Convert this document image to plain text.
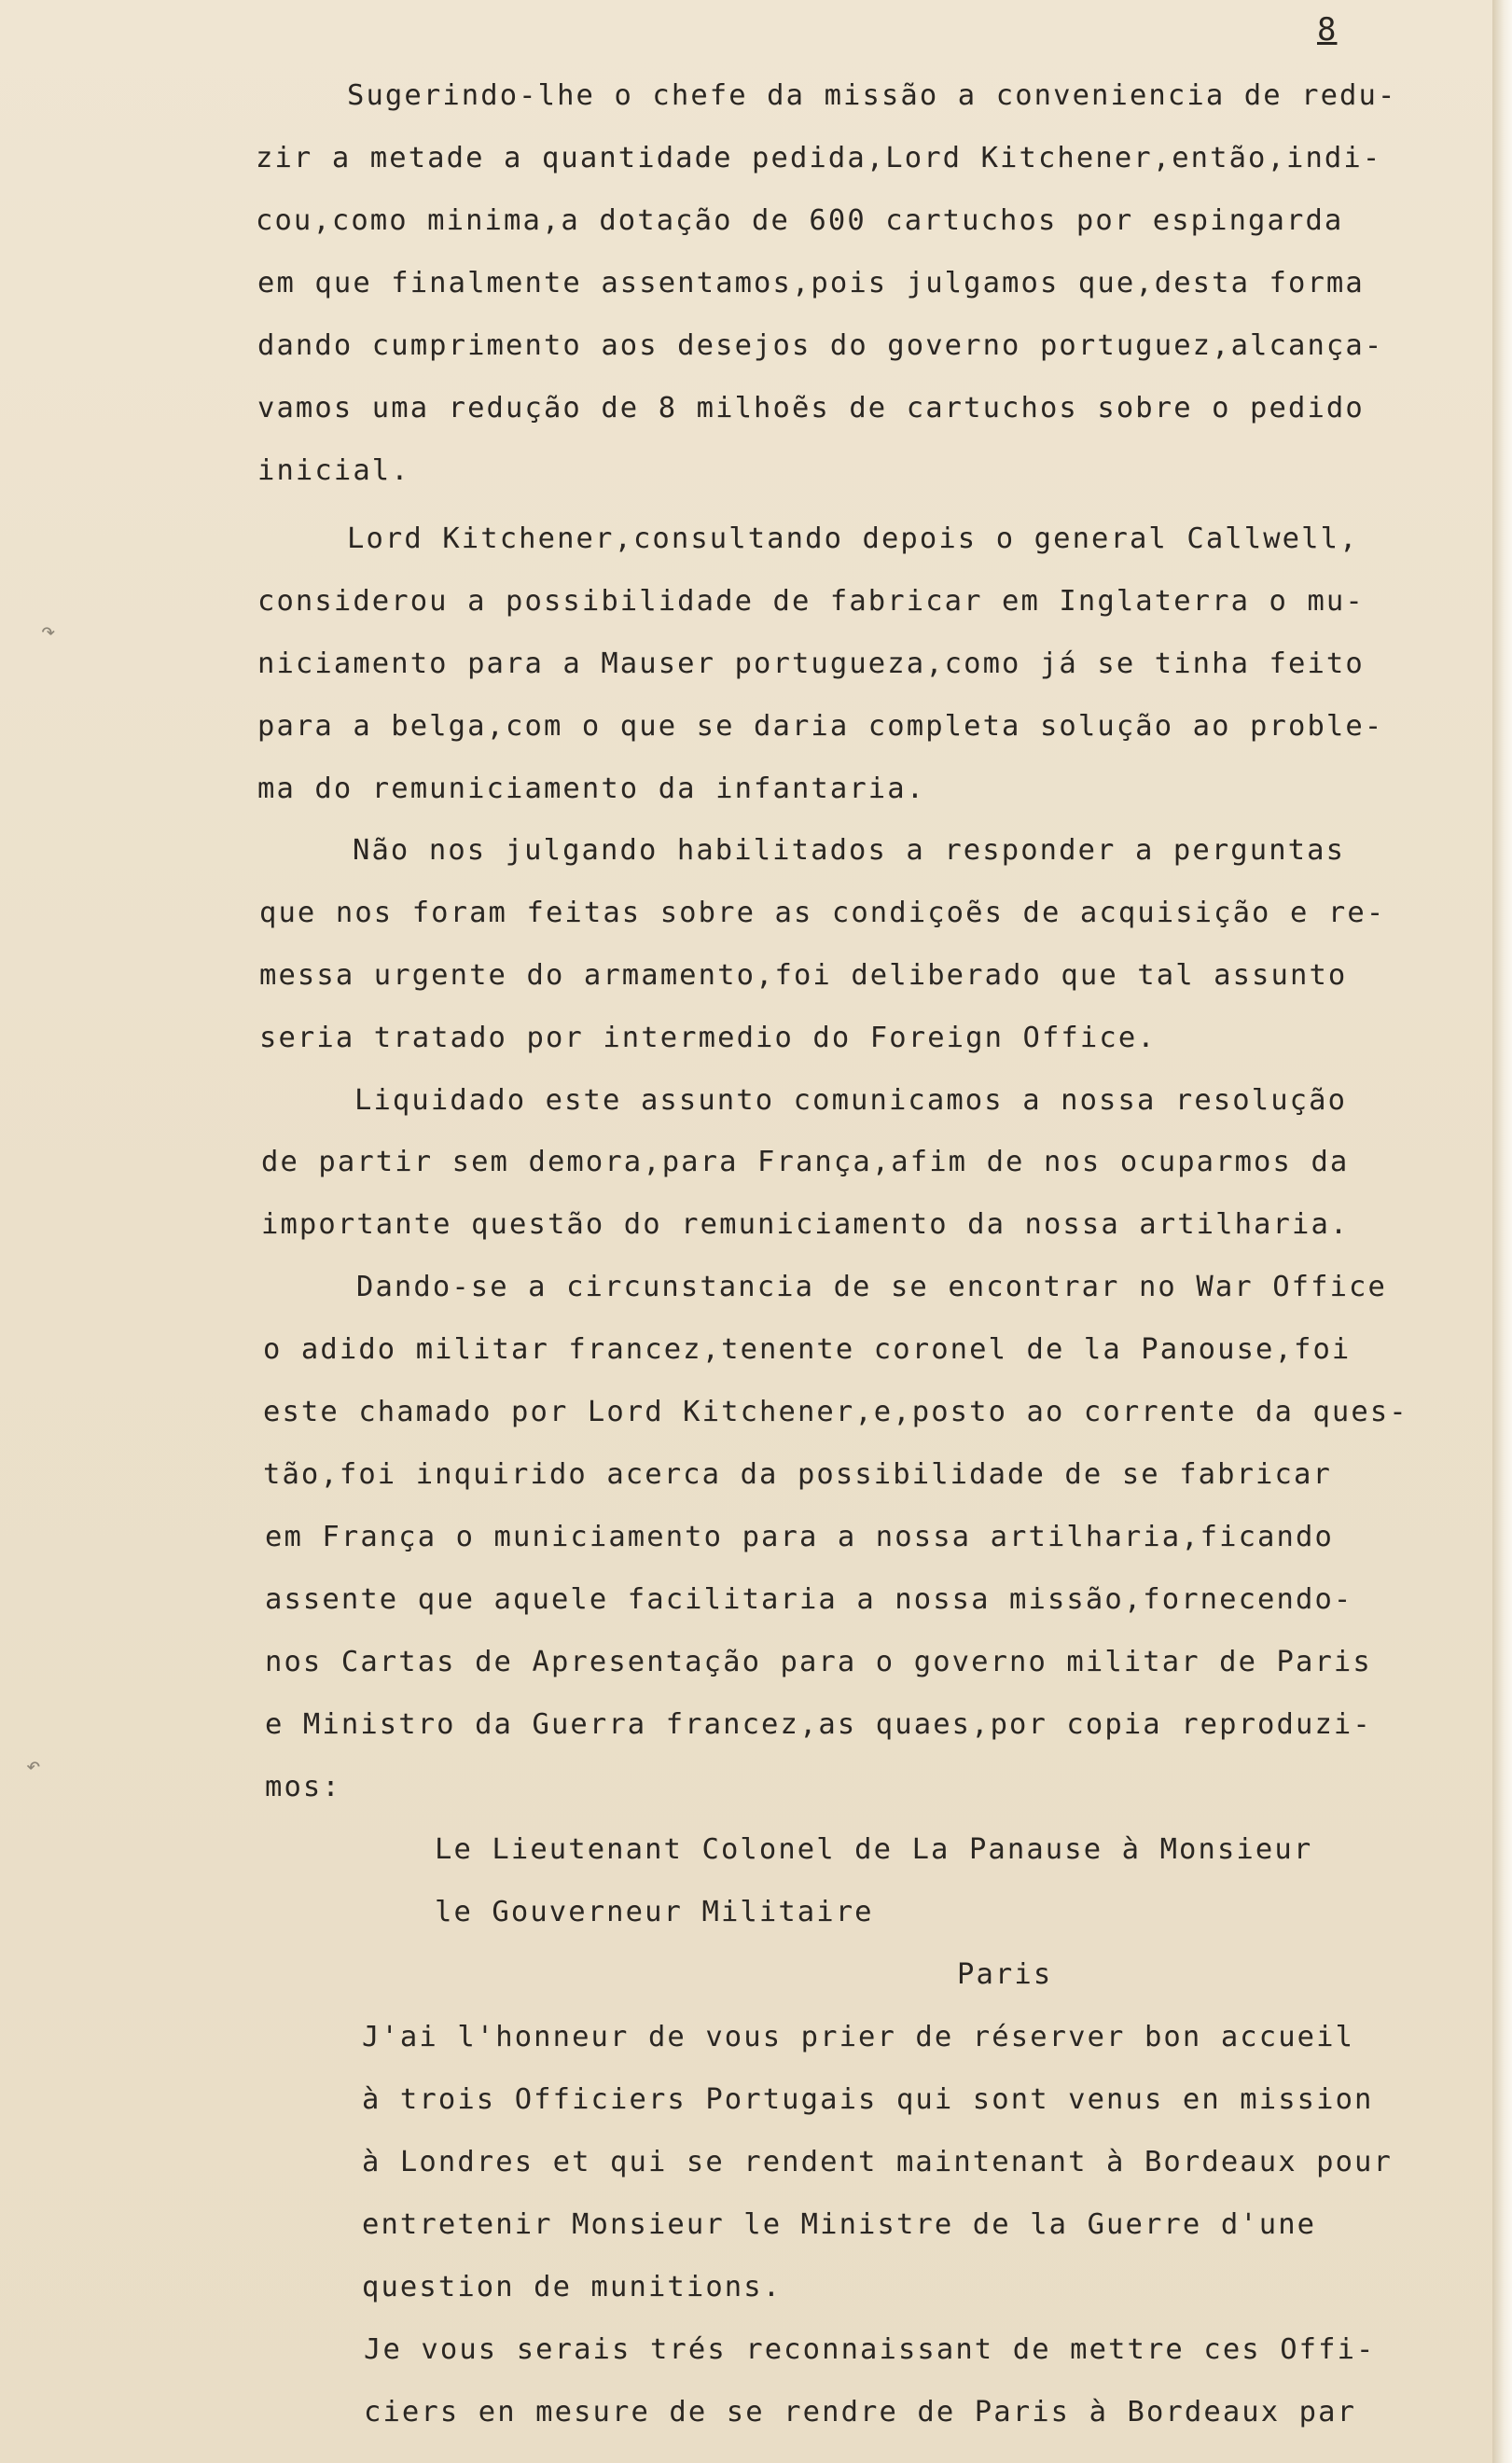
8
↷
↶
Sugerindo-lhe o chefe da missão a conveniencia de redu-
zir a metade a quantidade pedida,Lord Kitchener,então,indi-
cou,como minima,a dotação de 600 cartuchos por espingarda
em que finalmente assentamos,pois julgamos que,desta forma
dando cumprimento aos desejos do governo portuguez,alcança-
vamos uma redução de 8 milhoẽs de cartuchos sobre o pedido
inicial.
Lord Kitchener,consultando depois o general Callwell,
considerou a possibilidade de fabricar em Inglaterra o mu-
niciamento para a Mauser portugueza,como já se tinha feito
para a belga,com o que se daria completa solução ao proble-
ma do remuniciamento da infantaria.
Não nos julgando habilitados a responder a perguntas
que nos foram feitas sobre as condiçoẽs de acquisição e re-
messa urgente do armamento,foi deliberado que tal assunto
seria tratado por intermedio do Foreign Office.
Liquidado este assunto comunicamos a nossa resolução
de partir sem demora,para França,afim de nos ocuparmos da
importante questão do remuniciamento da nossa artilharia.
Dando-se a circunstancia de se encontrar no War Office
o adido militar francez,tenente coronel de la Panouse,foi
este chamado por Lord Kitchener,e,posto ao corrente da ques-
tão,foi inquirido acerca da possibilidade de se fabricar
em França o municiamento para a nossa artilharia,ficando
assente que aquele facilitaria a nossa missão,fornecendo-
nos Cartas de Apresentação para o governo militar de Paris
e Ministro da Guerra francez,as quaes,por copia reproduzi-
mos:
Le Lieutenant Colonel de La Panause à Monsieur
le Gouverneur Militaire
Paris
J'ai l'honneur de vous prier de réserver bon accueil
à trois Officiers Portugais qui sont venus en mission
à Londres et qui se rendent maintenant à Bordeaux pour
entretenir Monsieur le Ministre de la Guerre d'une
question de munitions.
Je vous serais trés reconnaissant de mettre ces Offi-
ciers en mesure de se rendre de Paris à Bordeaux par
